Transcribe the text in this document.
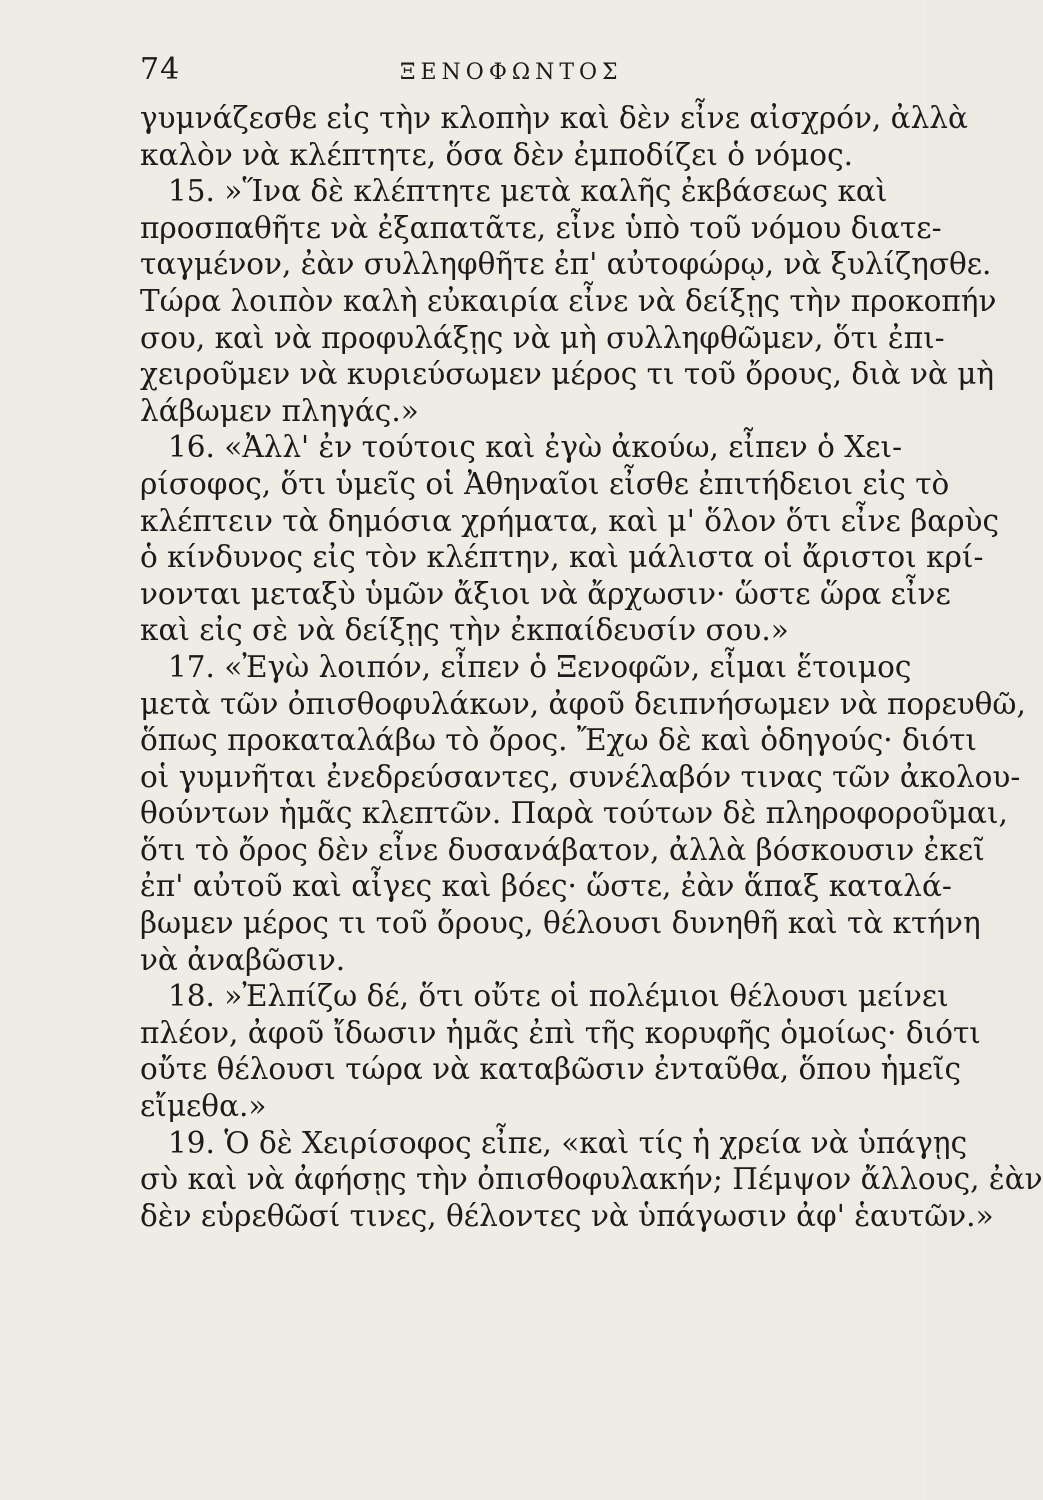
74	ΞΕΝΟΦΩΝΤΟΣ
γυμνάζεσθε εἰς τὴν κλοπὴν καὶ δὲν εἶνε αἰσχρόν, ἀλλὰ
καλὸν νὰ κλέπτητε, ὅσα δὲν ἐμποδίζει ὁ νόμος.
15. »Ἵνα δὲ κλέπτητε μετὰ καλῆς ἐκβάσεως καὶ
προσπαθῆτε νὰ ἐξαπατᾶτε, εἶνε ὑπὸ τοῦ νόμου διατε-
ταγμένον, ἐὰν συλληφθῆτε ἐπ' αὐτοφώρῳ, νὰ ξυλίζησθε.
Τώρα λοιπὸν καλὴ εὐκαιρία εἶνε νὰ δείξῃς τὴν προκοπήν
σου, καὶ νὰ προφυλάξῃς νὰ μὴ συλληφθῶμεν, ὅτι ἐπι-
χειροῦμεν νὰ κυριεύσωμεν μέρος τι τοῦ ὄρους, διὰ νὰ μὴ
λάβωμεν πληγάς.»
16. «Ἀλλ' ἐν τούτοις καὶ ἐγὼ ἀκούω, εἶπεν ὁ Χει-
ρίσοφος, ὅτι ὑμεῖς οἱ Ἀθηναῖοι εἶσθε ἐπιτήδειοι εἰς τὸ
κλέπτειν τὰ δημόσια χρήματα, καὶ μ' ὅλον ὅτι εἶνε βαρὺς
ὁ κίνδυνος εἰς τὸν κλέπτην, καὶ μάλιστα οἱ ἄριστοι κρί-
νονται μεταξὺ ὑμῶν ἄξιοι νὰ ἄρχωσιν· ὥστε ὥρα εἶνε
καὶ εἰς σὲ νὰ δείξῃς τὴν ἐκπαίδευσίν σου.»
17. «Ἐγὼ λοιπόν, εἶπεν ὁ Ξενοφῶν, εἶμαι ἕτοιμος
μετὰ τῶν ὀπισθοφυλάκων, ἀφοῦ δειπνήσωμεν νὰ πορευθῶ,
ὅπως προκαταλάβω τὸ ὄρος. Ἔχω δὲ καὶ ὁδηγούς· διότι
οἱ γυμνῆται ἐνεδρεύσαντες, συνέλαβόν τινας τῶν ἀκολου-
θούντων ἡμᾶς κλεπτῶν. Παρὰ τούτων δὲ πληροφοροῦμαι,
ὅτι τὸ ὄρος δὲν εἶνε δυσανάβατον, ἀλλὰ βόσκουσιν ἐκεῖ
ἐπ' αὐτοῦ καὶ αἶγες καὶ βόες· ὥστε, ἐὰν ἅπαξ καταλά-
βωμεν μέρος τι τοῦ ὄρους, θέλουσι δυνηθῆ καὶ τὰ κτήνη
νὰ ἀναβῶσιν.
18. »Ἐλπίζω δέ, ὅτι οὔτε οἱ πολέμιοι θέλουσι μείνει
πλέον, ἀφοῦ ἴδωσιν ἡμᾶς ἐπὶ τῆς κορυφῆς ὁμοίως· διότι
οὔτε θέλουσι τώρα νὰ καταβῶσιν ἐνταῦθα, ὅπου ἡμεῖς
εἴμεθα.»
19. Ὁ δὲ Χειρίσοφος εἶπε, «καὶ τίς ἡ χρεία νὰ ὑπάγῃς
σὺ καὶ νὰ ἀφήσῃς τὴν ὀπισθοφυλακήν; Πέμψον ἄλλους, ἐὰν
δὲν εὑρεθῶσί τινες, θέλοντες νὰ ὑπάγωσιν ἀφ' ἑαυτῶν.»
